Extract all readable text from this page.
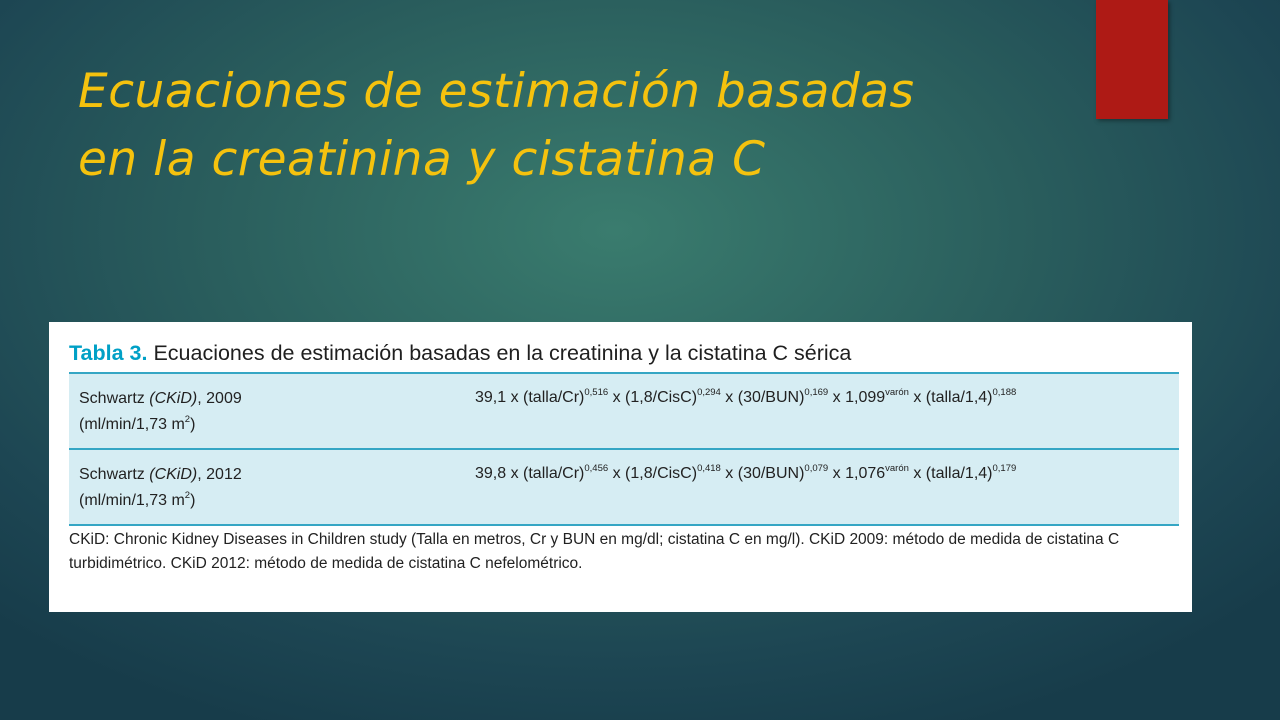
Ecuaciones de estimación basadas
en la creatinina y cistatina C
Tabla 3. Ecuaciones de estimación basadas en la creatinina y la cistatina C sérica
Schwartz (CKiD), 2009
(ml/min/1,73 $m^2$)	39,1 x (talla/Cr)$^{0,516}$ x (1,8/CisC)$^{0,294}$ x $(30/BUN)^{0,169}$ x $1,099^{varón}$ x (talla/1,4)$^{0,188}$
Schwartz (CKiD), 2012
(ml/min/1,73 $m^2$)	39,8 x (talla/Cr)$^{0,456}$ x (1,8/CisC)$^{0,418}$ x $(30/BUN)^{0,079}$ x $1,076^{varón}$ x (talla/1,4)$^{0,179}$

CKiD: Chronic Kidney Diseases in Children study (Talla en metros, Cr y BUN en mg/dl; cistatina C en mg/l). CKiD 2009: método de medida de cistatina C turbidimétrico. CKiD 2012: método de medida de cistatina C nefelométrico.
